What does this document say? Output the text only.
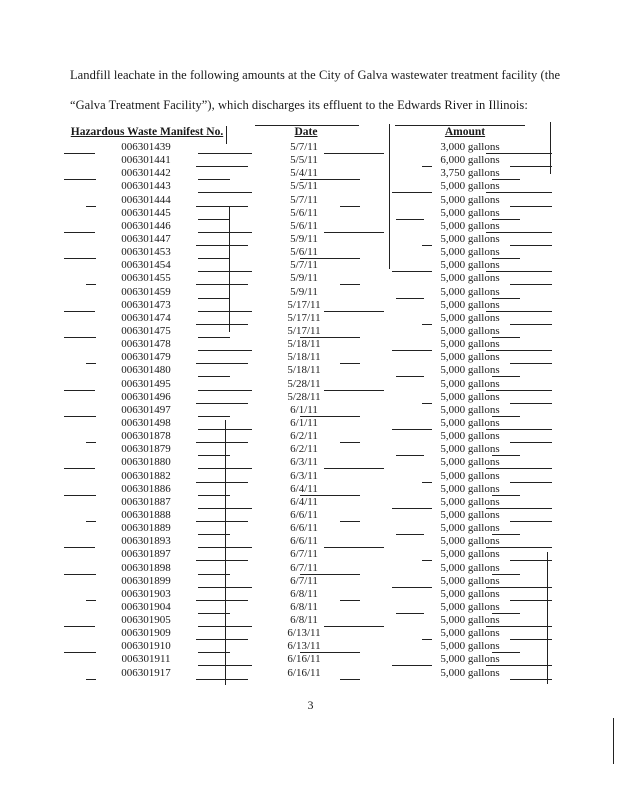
Landfill leachate in the following amounts at the City of Galva wastewater treatment facility (the
“Galva Treatment Facility”), which discharges its effluent to the Edwards River in Illinois:
Hazardous Waste Manifest No.	Date	Amount
006301439	5/7/11	3,000 gallons
006301441	5/5/11	6,000 gallons
006301442	5/4/11	3,750 gallons
006301443	5/5/11	5,000 gallons
006301444	5/7/11	5,000 gallons
006301445	5/6/11	5,000 gallons
006301446	5/6/11	5,000 gallons
006301447	5/9/11	5,000 gallons
006301453	5/6/11	5,000 gallons
006301454	5/7/11	5,000 gallons
006301455	5/9/11	5,000 gallons
006301459	5/9/11	5,000 gallons
006301473	5/17/11	5,000 gallons
006301474	5/17/11	5,000 gallons
006301475	5/17/11	5,000 gallons
006301478	5/18/11	5,000 gallons
006301479	5/18/11	5,000 gallons
006301480	5/18/11	5,000 gallons
006301495	5/28/11	5,000 gallons
006301496	5/28/11	5,000 gallons
006301497	6/1/11	5,000 gallons
006301498	6/1/11	5,000 gallons
006301878	6/2/11	5,000 gallons
006301879	6/2/11	5,000 gallons
006301880	6/3/11	5,000 gallons
006301882	6/3/11	5,000 gallons
006301886	6/4/11	5,000 gallons
006301887	6/4/11	5,000 gallons
006301888	6/6/11	5,000 gallons
006301889	6/6/11	5,000 gallons
006301893	6/6/11	5,000 gallons
006301897	6/7/11	5,000 gallons
006301898	6/7/11	5,000 gallons
006301899	6/7/11	5,000 gallons
006301903	6/8/11	5,000 gallons
006301904	6/8/11	5,000 gallons
006301905	6/8/11	5,000 gallons
006301909	6/13/11	5,000 gallons
006301910	6/13/11	5,000 gallons
006301911	6/16/11	5,000 gallons
006301917	6/16/11	5,000 gallons
3
